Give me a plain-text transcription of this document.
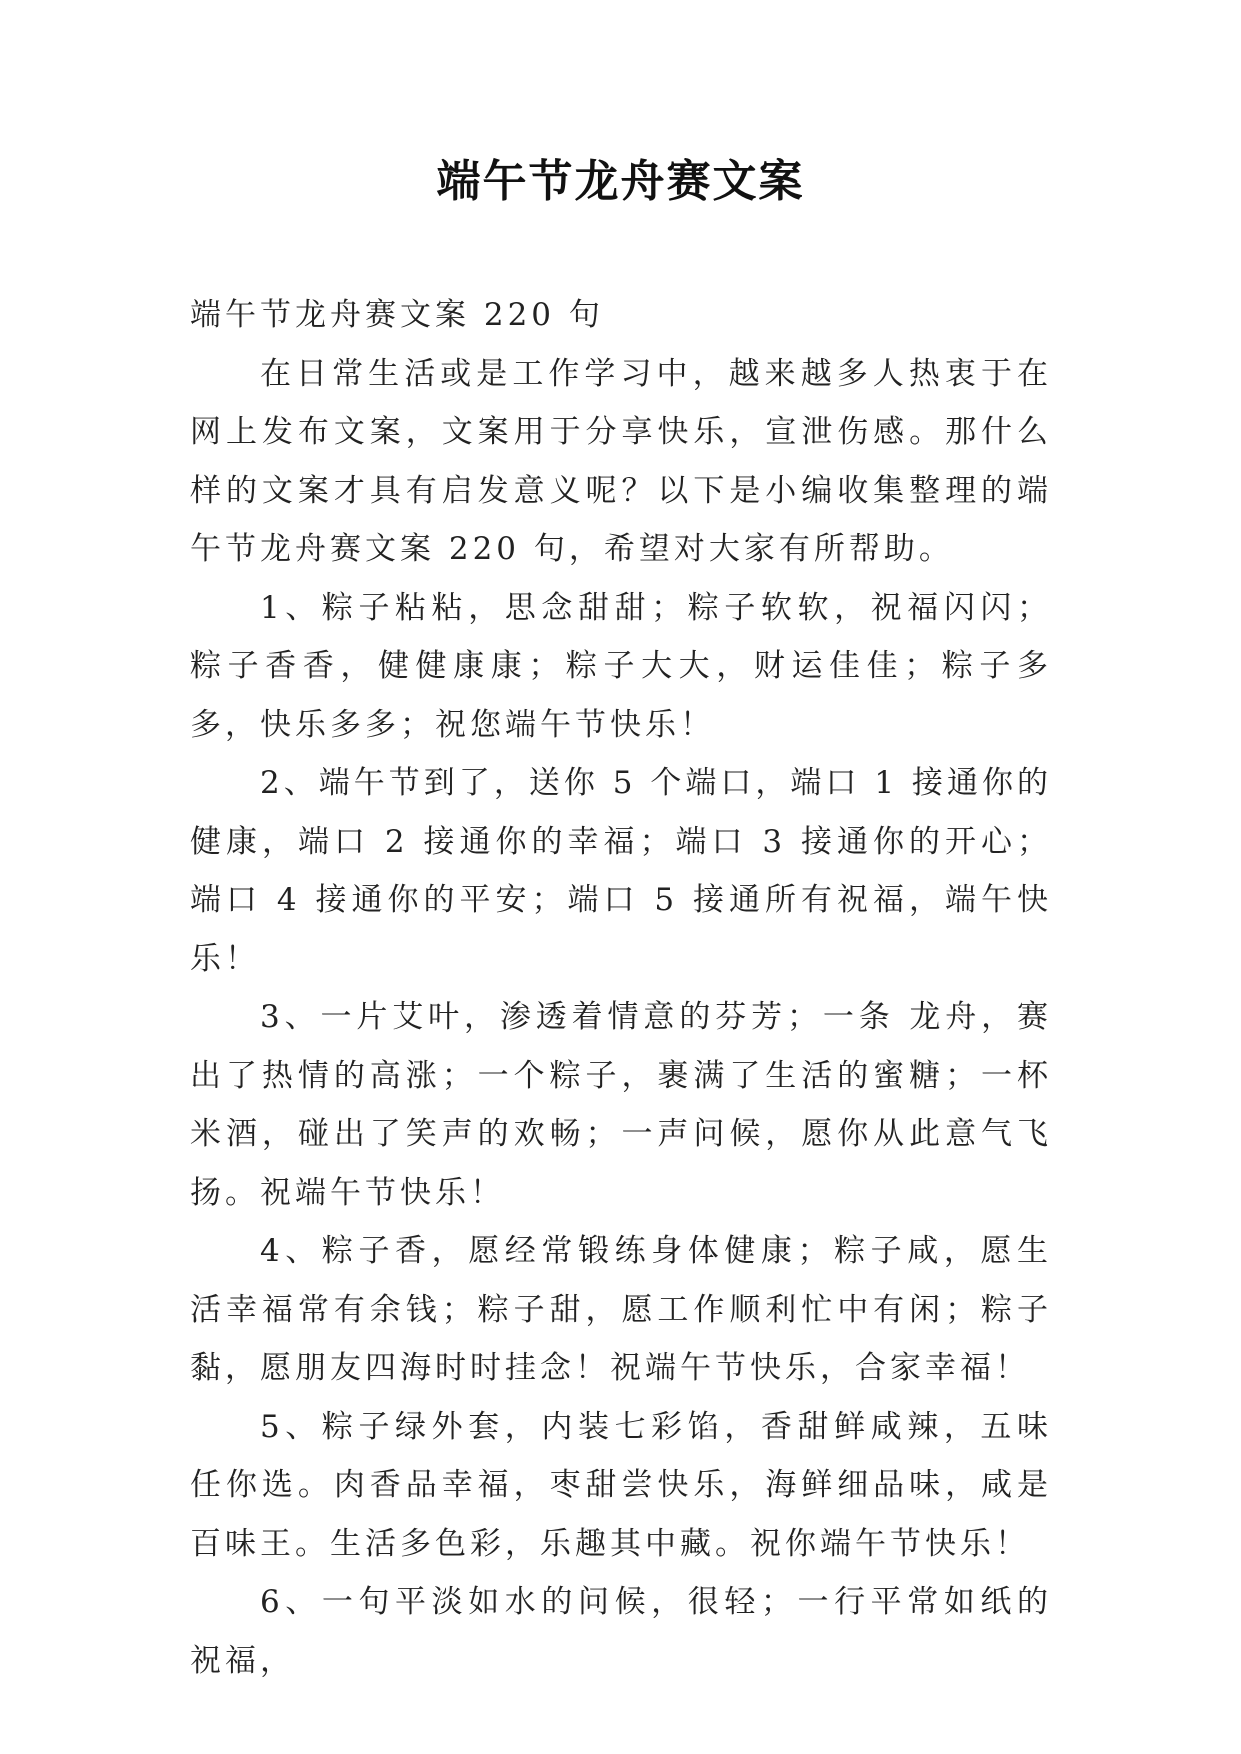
端午节龙舟赛文案

端午节龙舟赛文案 220 句

在日常生活或是工作学习中，越来越多人热衷于在网上发布文案，文案用于分享快乐，宣泄伤感。那什么样的文案才具有启发意义呢？以下是小编收集整理的端午节龙舟赛文案 220 句，希望对大家有所帮助。

1、粽子粘粘，思念甜甜；粽子软软，祝福闪闪；粽子香香，健健康康；粽子大大，财运佳佳；粽子多多，快乐多多；祝您端午节快乐！

2、端午节到了，送你 5 个端口，端口 1 接通你的健康，端口 2 接通你的幸福；端口 3 接通你的开心；端口 4 接通你的平安；端口 5 接通所有祝福，端午快乐！

3、一片艾叶，渗透着情意的芬芳；一条 龙舟，赛出了热情的高涨；一个粽子，裹满了生活的蜜糖；一杯米酒，碰出了笑声的欢畅；一声问候，愿你从此意气飞扬。祝端午节快乐！

4、粽子香，愿经常锻练身体健康；粽子咸，愿生活幸福常有余钱；粽子甜，愿工作顺利忙中有闲；粽子黏，愿朋友四海时时挂念！祝端午节快乐，合家幸福！

5、粽子绿外套，内装七彩馅，香甜鲜咸辣，五味任你选。肉香品幸福，枣甜尝快乐，海鲜细品味，咸是百味王。生活多色彩，乐趣其中藏。祝你端午节快乐！

6、一句平淡如水的问候，很轻；一行平常如纸的祝福，
